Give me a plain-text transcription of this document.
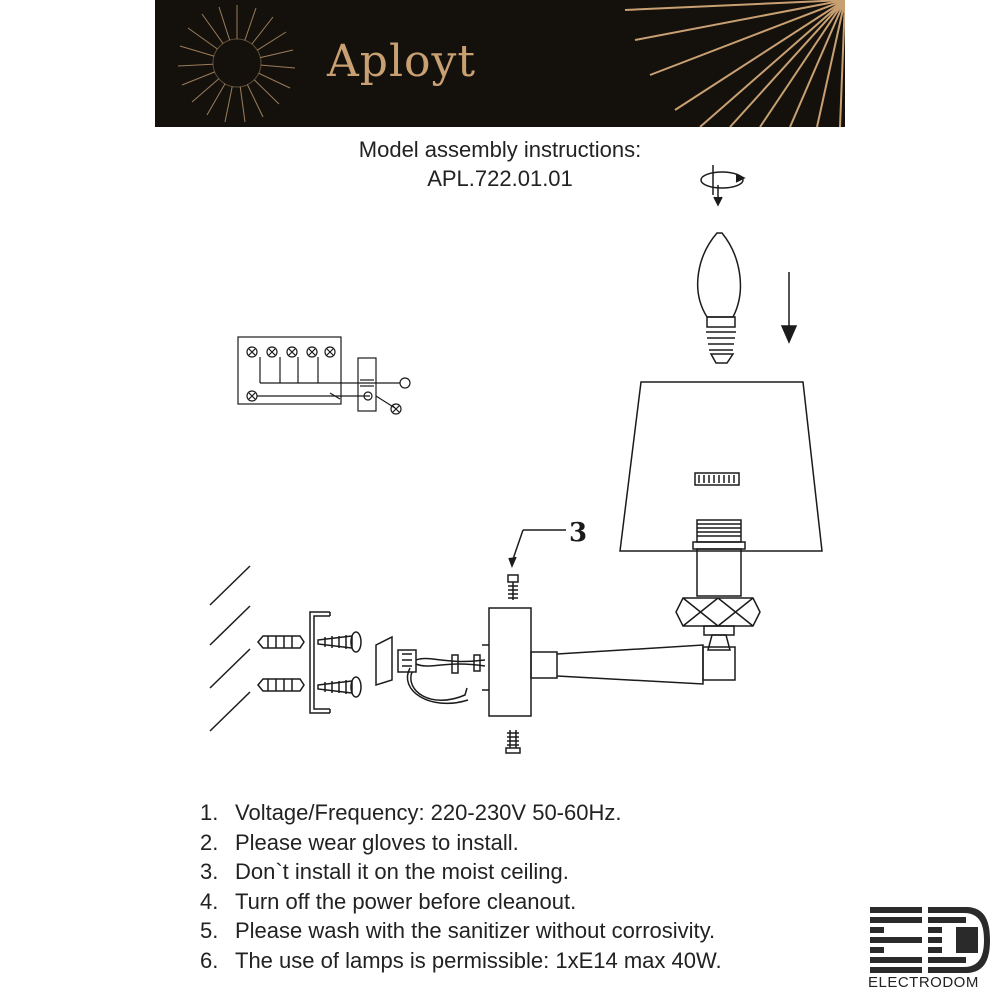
Aployt
Model assembly instructions:
APL.722.01.01
3
1. Voltage/Frequency: 220-230V 50-60Hz.
2. Please wear gloves to install.
3. Don`t install it on the moist ceiling.
4. Turn off the power before cleanout.
5. Please wash with the sanitizer without corrosivity.
6. The use of lamps is permissible: 1xE14 max 40W.
ELECTRODOM
